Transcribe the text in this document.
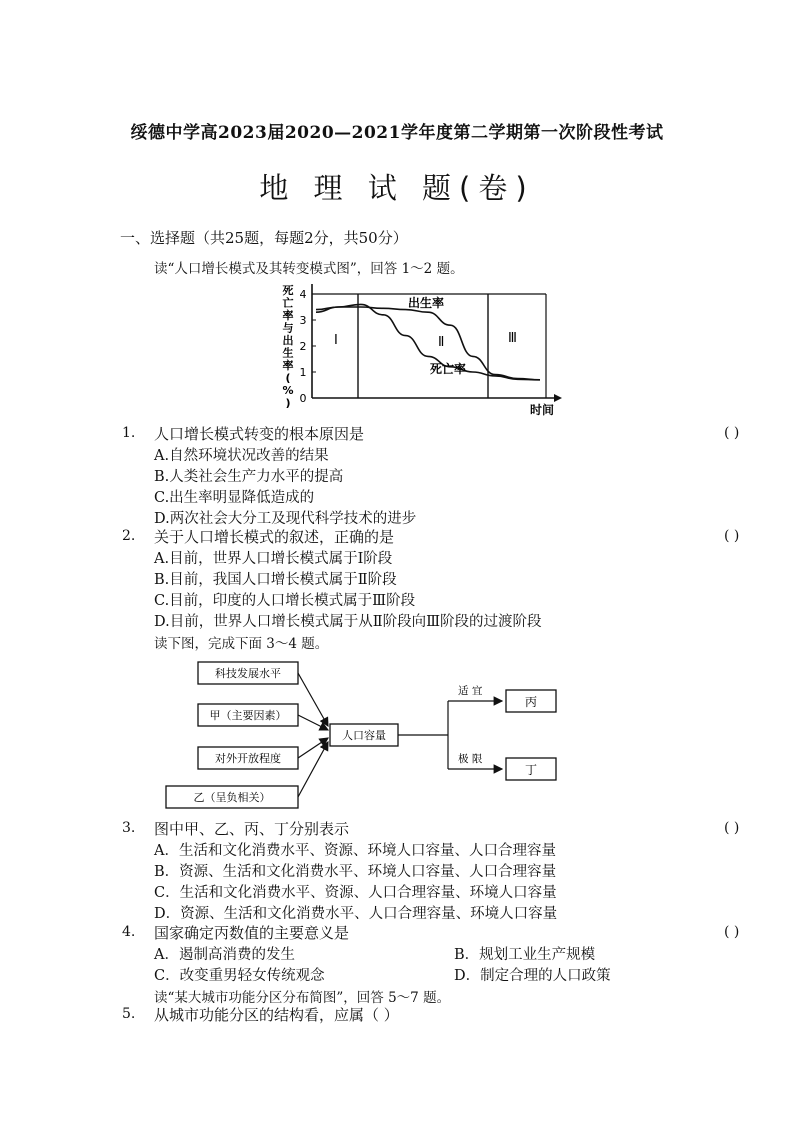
绥德中学高2023届2020—2021学年度第二学期第一次阶段性考试
地 理 试 题(卷)
一、选择题（共25题，每题2分，共50分）
读“人口增长模式及其转变模式图”，回答 1～2 题。
死亡率与出生率( % ) 0
1
2
3
4
Ⅰ	Ⅱ	Ⅲ
出生率
死亡率
时间
1. 人口增长模式转变的根本原因是	( )
A.自然环境状况改善的结果
B.人类社会生产力水平的提高
C.出生率明显降低造成的
D.两次社会大分工及现代科学技术的进步
2. 关于人口增长模式的叙述，正确的是	( )
A.目前，世界人口增长模式属于Ⅰ阶段
B.目前，我国人口增长模式属于Ⅱ阶段
C.目前，印度的人口增长模式属于Ⅲ阶段
D.目前，世界人口增长模式属于从Ⅱ阶段向Ⅲ阶段的过渡阶段
读下图，完成下面 3～4 题。
科技发展水平
甲（主要因素）
对外开放程度
乙（呈负相关）
人口容量
适 宜
极 限
丙
丁
3. 图中甲、乙、丙、丁分别表示	( )
A．生活和文化消费水平、资源、环境人口容量、人口合理容量
B．资源、生活和文化消费水平、环境人口容量、人口合理容量
C．生活和文化消费水平、资源、人口合理容量、环境人口容量
D．资源、生活和文化消费水平、人口合理容量、环境人口容量
4. 国家确定丙数值的主要意义是	( )
A．遏制高消费的发生	B．规划工业生产规模
C．改变重男轻女传统观念	D．制定合理的人口政策
读“某大城市功能分区分布简图”，回答 5～7 题。
5. 从城市功能分区的结构看，应属（ ）
